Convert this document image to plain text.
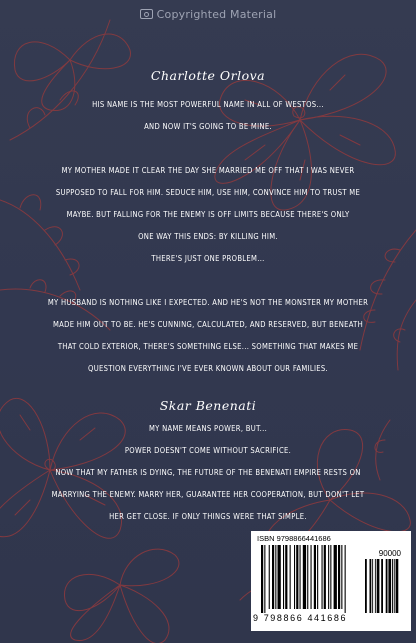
Copyrighted Material
Charlotte Orlova
HIS NAME IS THE MOST POWERFUL NAME IN ALL OF WESTOS...
AND NOW IT'S GOING TO BE MINE.

MY MOTHER MADE IT CLEAR THE DAY SHE MARRIED ME OFF THAT I WAS NEVER
SUPPOSED TO FALL FOR HIM. SEDUCE HIM, USE HIM, CONVINCE HIM TO TRUST ME
MAYBE. BUT FALLING FOR THE ENEMY IS OFF LIMITS BECAUSE THERE'S ONLY
ONE WAY THIS ENDS: BY KILLING HIM.
THERE'S JUST ONE PROBLEM...

MY HUSBAND IS NOTHING LIKE I EXPECTED. AND HE'S NOT THE MONSTER MY MOTHER
MADE HIM OUT TO BE. HE'S CUNNING, CALCULATED, AND RESERVED, BUT BENEATH
THAT COLD EXTERIOR, THERE'S SOMETHING ELSE... SOMETHING THAT MAKES ME
QUESTION EVERYTHING I'VE EVER KNOWN ABOUT OUR FAMILIES.
Skar Benenati
MY NAME MEANS POWER, BUT...
POWER DOESN'T COME WITHOUT SACRIFICE.
NOW THAT MY FATHER IS DYING, THE FUTURE OF THE BENENATI EMPIRE RESTS ON
MARRYING THE ENEMY. MARRY HER, GUARANTEE HER COOPERATION, BUT DON'T LET
HER GET CLOSE. IF ONLY THINGS WERE THAT SIMPLE.
ISBN 9798866441686
90000
9 798866 441686
